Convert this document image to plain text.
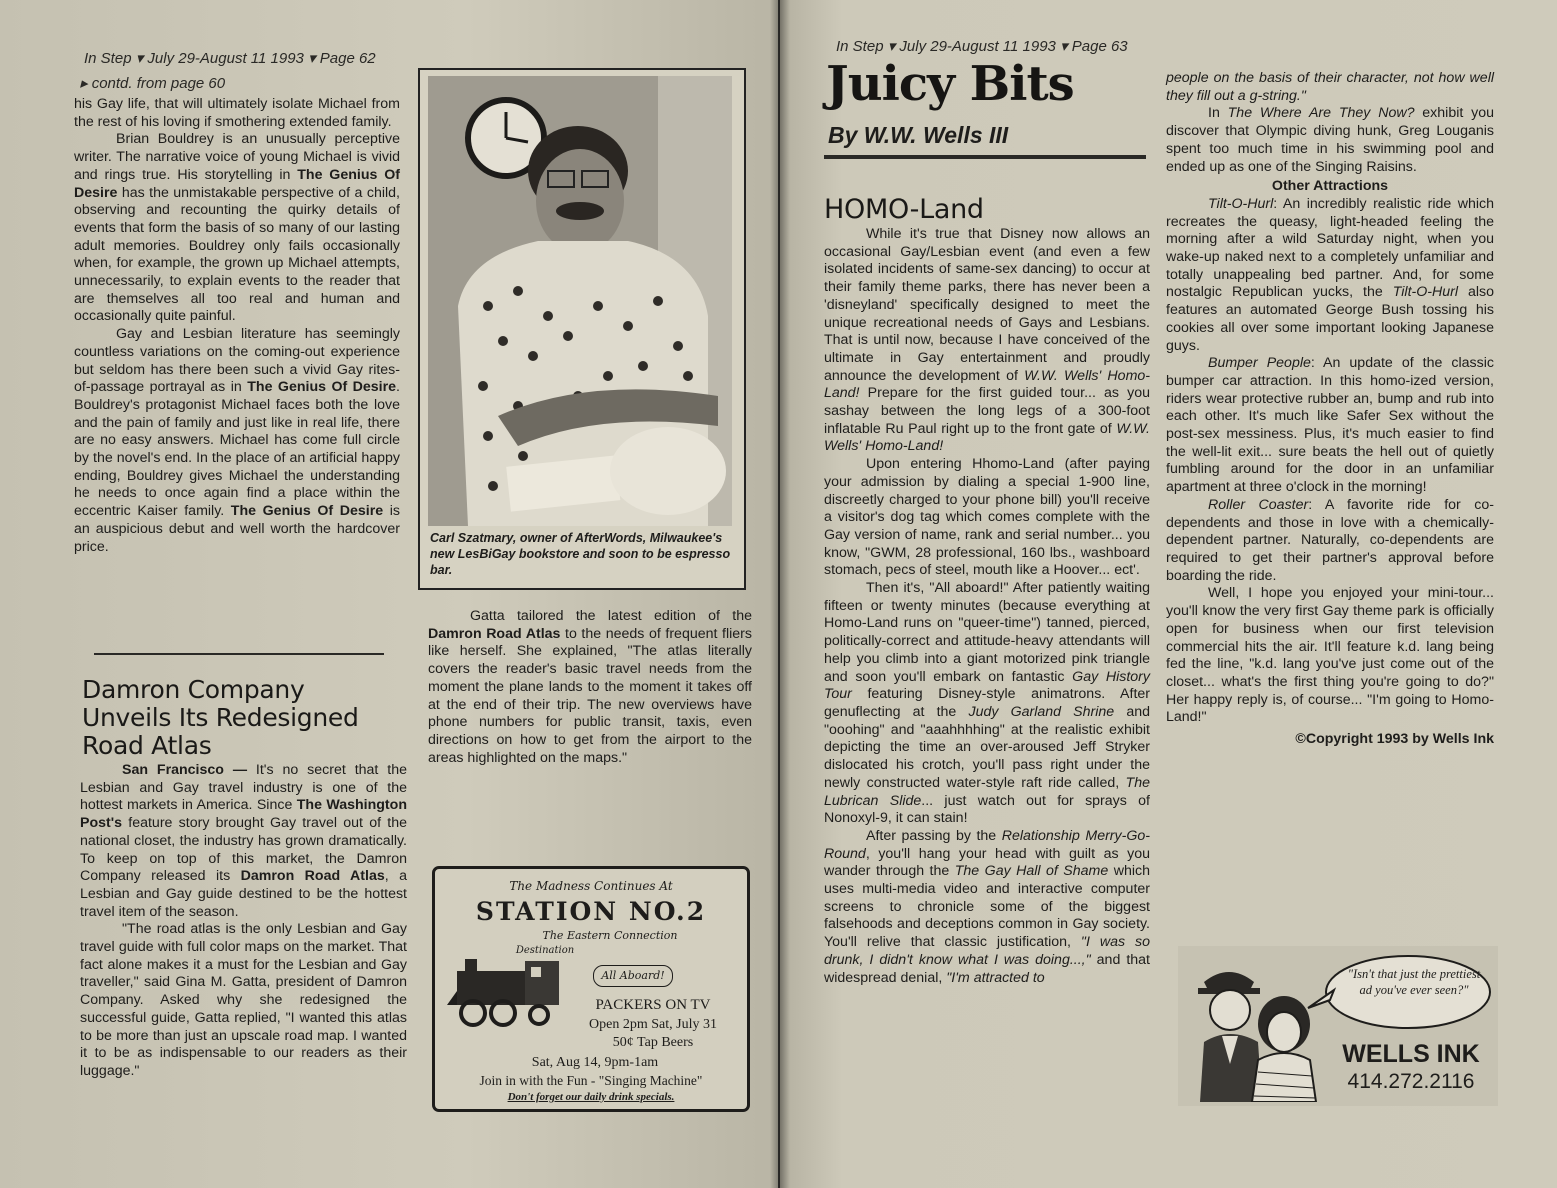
In Step ▾ July 29-August 11 1993 ▾ Page 62
▸ contd. from page 60

his Gay life, that will ultimately isolate Michael from the rest of his loving if smothering extended family.

Brian Bouldrey is an unusually perceptive writer. The narrative voice of young Michael is vivid and rings true. His storytelling in The Genius Of Desire has the unmistakable perspective of a child, observing and recounting the quirky details of events that form the basis of so many of our lasting adult memories. Bouldrey only fails occasionally when, for example, the grown up Michael attempts, unnecessarily, to explain events to the reader that are themselves all too real and human and occasionally quite painful.

Gay and Lesbian literature has seemingly countless variations on the coming-out experience but seldom has there been such a vivid Gay rites-of-passage portrayal as in The Genius Of Desire. Bouldrey's protagonist Michael faces both the love and the pain of family and just like in real life, there are no easy answers. Michael has come full circle by the novel's end. In the place of an artificial happy ending, Bouldrey gives Michael the understanding he needs to once again find a place within the eccentric Kaiser family. The Genius Of Desire is an auspicious debut and well worth the hardcover price.

Carl Szatmary, owner of AfterWords, Milwaukee's new LesBiGay bookstore and soon to be espresso bar.
Damron Company Unveils Its Redesigned Road Atlas

San Francisco — It's no secret that the Lesbian and Gay travel industry is one of the hottest markets in America. Since The Washington Post's feature story brought Gay travel out of the national closet, the industry has grown dramatically. To keep on top of this market, the Damron Company released its Damron Road Atlas, a Lesbian and Gay guide destined to be the hottest travel item of the season.

"The road atlas is the only Lesbian and Gay travel guide with full color maps on the market. That fact alone makes it a must for the Lesbian and Gay traveller," said Gina M. Gatta, president of Damron Company. Asked why she redesigned the successful guide, Gatta replied, "I wanted this atlas to be more than just an upscale road map. I wanted it to be as indispensable to our readers as their luggage."

Gatta tailored the latest edition of the Damron Road Atlas to the needs of frequent fliers like herself. She explained, "The atlas literally covers the reader's basic travel needs from the moment the plane lands to the moment it takes off at the end of their trip. The new overviews have phone numbers for public transit, taxis, even directions on how to get from the airport to the areas highlighted on the maps."

The Madness Continues At
STATION NO.2
The Eastern Connection
Destination
All Aboard!
PACKERS ON TV
Open 2pm Sat, July 31
50¢ Tap Beers
Sat, Aug 14, 9pm-1am
Join in with the Fun - "Singing Machine"
Don't forget our daily drink specials.
In Step ▾ July 29-August 11 1993 ▾ Page 63
Juicy Bits
By W.W. Wells III
HOMO-Land

While it's true that Disney now allows an occasional Gay/Lesbian event (and even a few isolated incidents of same-sex dancing) to occur at their family theme parks, there has never been a 'disneyland' specifically designed to meet the unique recreational needs of Gays and Lesbians. That is until now, because I have conceived of the ultimate in Gay entertainment and proudly announce the development of W.W. Wells' Homo-Land! Prepare for the first guided tour... as you sashay between the long legs of a 300-foot inflatable Ru Paul right up to the front gate of W.W. Wells' Homo-Land!

Upon entering Hhomo-Land (after paying your admission by dialing a special 1-900 line, discreetly charged to your phone bill) you'll receive a visitor's dog tag which comes complete with the Gay version of name, rank and serial number... you know, "GWM, 28 professional, 160 lbs., washboard stomach, pecs of steel, mouth like a Hoover... ect'.

Then it's, "All aboard!" After patiently waiting fifteen or twenty minutes (because everything at Homo-Land runs on "queer-time") tanned, pierced, politically-correct and attitude-heavy attendants will help you climb into a giant motorized pink triangle and soon you'll embark on fantastic Gay History Tour featuring Disney-style animatrons. After genuflecting at the Judy Garland Shrine and "ooohing" and "aaahhhhing" at the realistic exhibit depicting the time an over-aroused Jeff Stryker dislocated his crotch, you'll pass right under the newly constructed water-style raft ride called, The Lubrican Slide... just watch out for sprays of Nonoxyl-9, it can stain!

After passing by the Relationship Merry-Go-Round, you'll hang your head with guilt as you wander through the The Gay Hall of Shame which uses multi-media video and interactive computer screens to chronicle some of the biggest falsehoods and deceptions common in Gay society. You'll relive that classic justification, "I was so drunk, I didn't know what I was doing...," and that widespread denial, "I'm attracted to

people on the basis of their character, not how well they fill out a g-string."

In The Where Are They Now? exhibit you discover that Olympic diving hunk, Greg Louganis spent too much time in his swimming pool and ended up as one of the Singing Raisins.

Other Attractions

Tilt-O-Hurl: An incredibly realistic ride which recreates the queasy, light-headed feeling the morning after a wild Saturday night, when you wake-up naked next to a completely unfamiliar and totally unappealing bed partner. And, for some nostalgic Republican yucks, the Tilt-O-Hurl also features an automated George Bush tossing his cookies all over some important looking Japanese guys.

Bumper People: An update of the classic bumper car attraction. In this homo-ized version, riders wear protective rubber an, bump and rub into each other. It's much like Safer Sex without the post-sex messiness. Plus, it's much easier to find the well-lit exit... sure beats the hell out of quietly fumbling around for the door in an unfamiliar apartment at three o'clock in the morning!

Roller Coaster: A favorite ride for co-dependents and those in love with a chemically-dependent partner. Naturally, co-dependents are required to get their partner's approval before boarding the ride.

Well, I hope you enjoyed your mini-tour... you'll know the very first Gay theme park is officially open for business when our first television commercial hits the air. It'll feature k.d. lang being fed the line, "k.d. lang you've just come out of the closet... what's the first thing you're going to do?" Her happy reply is, of course... "I'm going to Homo-Land!"

©Copyright 1993 by Wells Ink

"Isn't that just the prettiest ad you've ever seen?"
WELLS INK
414.272.2116
